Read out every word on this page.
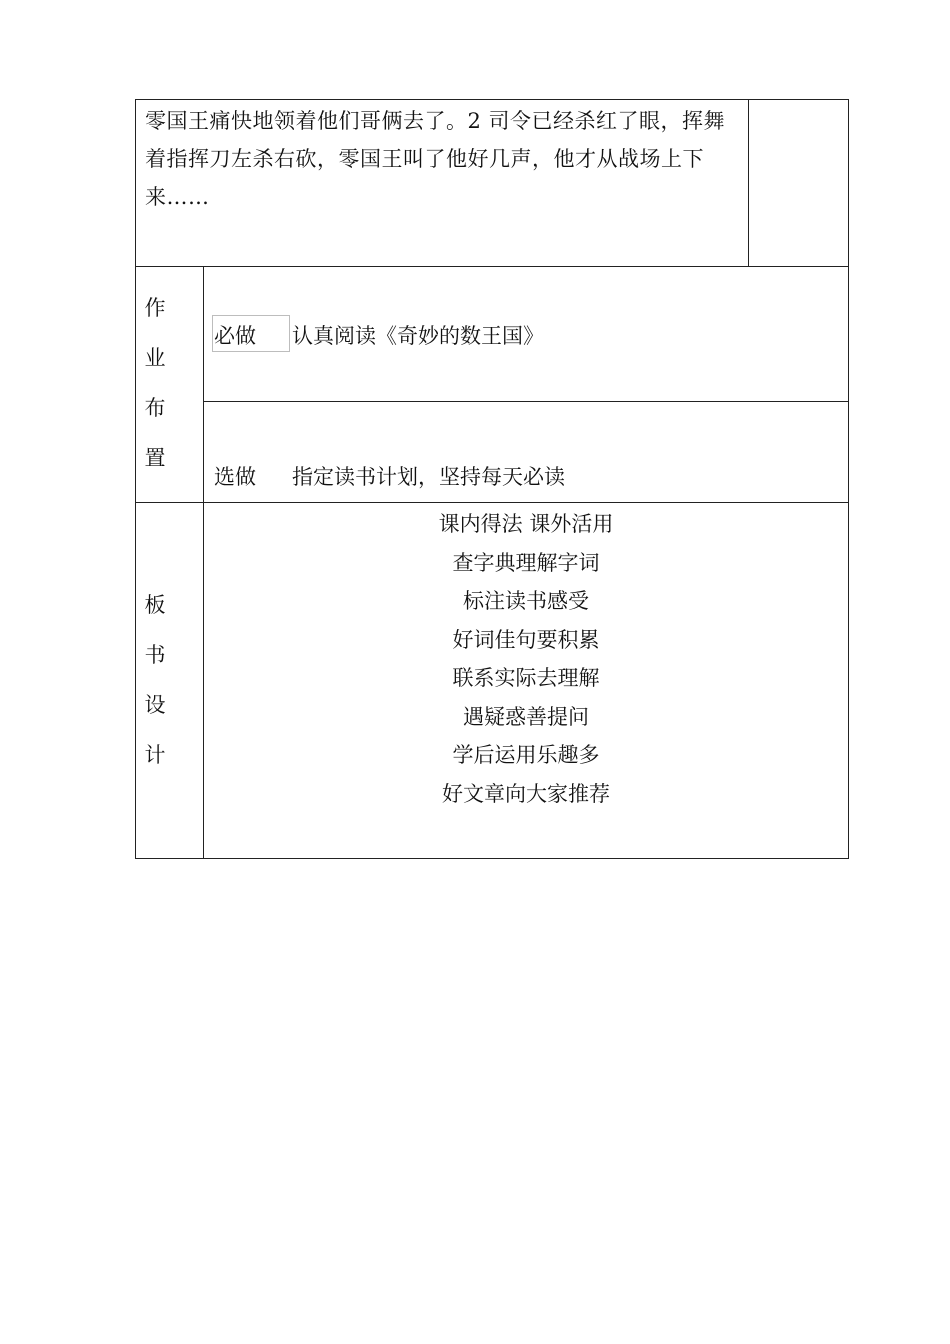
零国王痛快地领着他们哥俩去了。2 司令已经杀红了眼，挥舞着指挥刀左杀右砍，零国王叫了他好几声，他才从战场上下来……
作
业
布
置
必做 认真阅读《奇妙的数王国》
选做 指定读书计划，坚持每天必读
板
书
设
计
课内得法 课外活用
查字典理解字词
标注读书感受
好词佳句要积累
联系实际去理解
遇疑惑善提问
学后运用乐趣多
好文章向大家推荐
